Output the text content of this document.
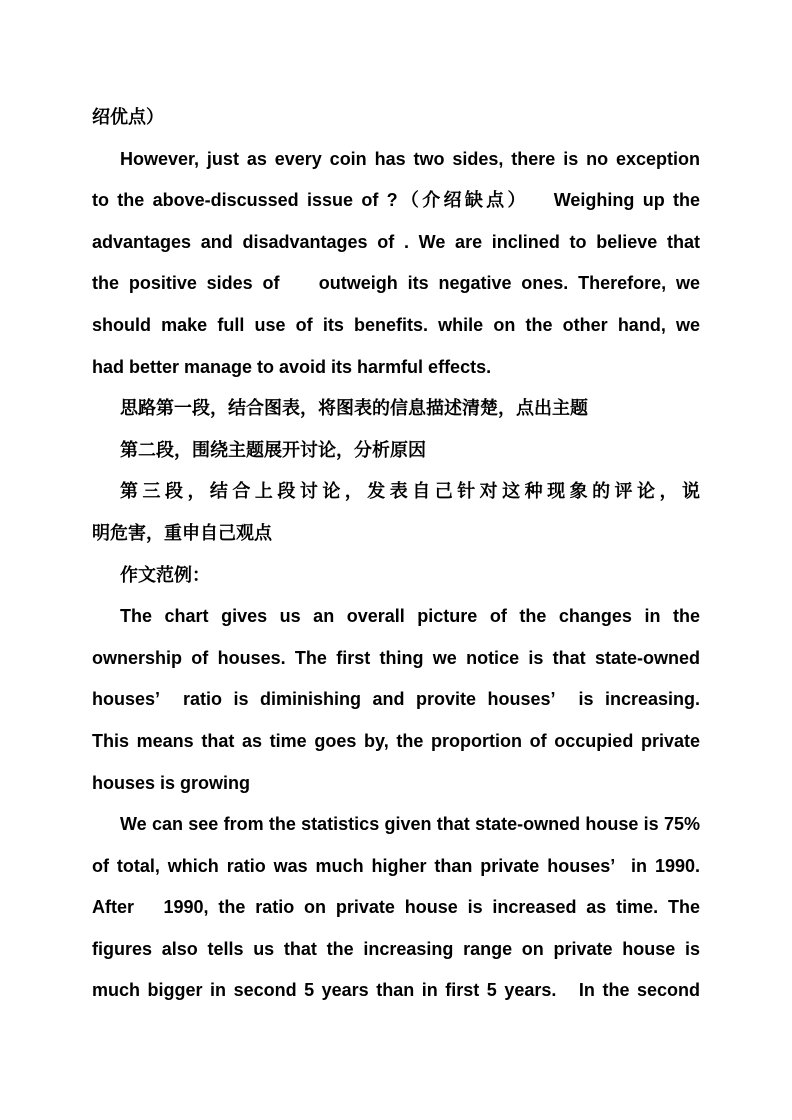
绍优点）
However, just as every coin has two sides, there is no exception
to the above-discussed issue of ?（介绍缺点）   Weighing up the
advantages and disadvantages of . We are inclined to believe that
the positive sides of    outweigh its negative ones. Therefore, we
should make full use of its benefits. while on the other hand, we
had better manage to avoid its harmful effects.
思路第一段，结合图表，将图表的信息描述清楚，点出主题
第二段，围绕主题展开讨论，分析原因
第三段，结合上段讨论，发表自己针对这种现象的评论，说
明危害，重申自己观点
作文范例：
The chart gives us an overall picture of the changes in the
ownership of houses. The first thing we notice is that state-owned
houses’  ratio is diminishing and provite houses’  is increasing.
This means that as time goes by, the proportion of occupied private
houses is growing
We can see from the statistics given that state-owned house is 75%
of total, which ratio was much higher than private houses’  in 1990.
After   1990, the ratio on private house is increased as time. The
figures also tells us that the increasing range on private house is
much bigger in second 5 years than in first 5 years.   In the second
